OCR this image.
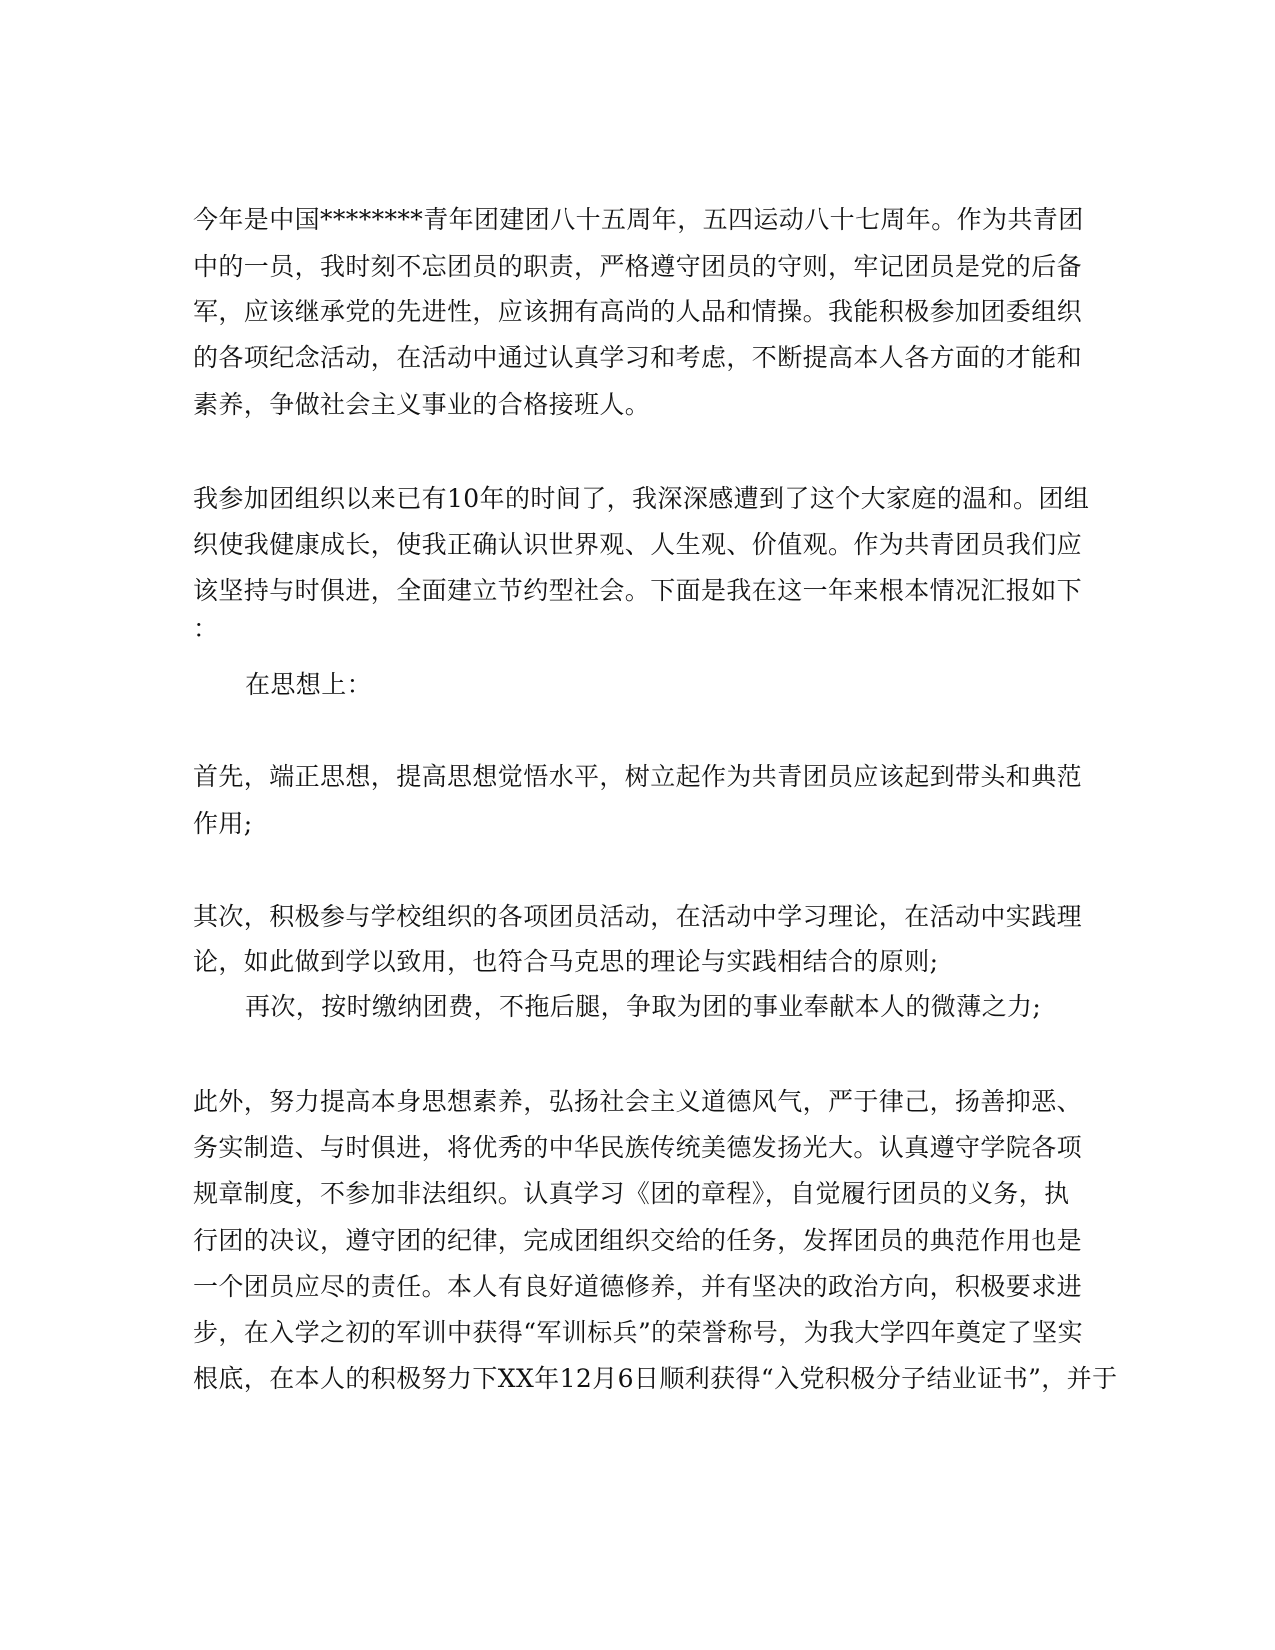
今年是中国********青年团建团八十五周年，五四运动八十七周年。作为共青团

中的一员，我时刻不忘团员的职责，严格遵守团员的守则，牢记团员是党的后备

军，应该继承党的先进性，应该拥有高尚的人品和情操。我能积极参加团委组织

的各项纪念活动，在活动中通过认真学习和考虑，不断提高本人各方面的才能和

素养，争做社会主义事业的合格接班人。

我参加团组织以来已有10年的时间了，我深深感遭到了这个大家庭的温和。团组

织使我健康成长，使我正确认识世界观、人生观、价值观。作为共青团员我们应

该坚持与时俱进，全面建立节约型社会。下面是我在这一年来根本情况汇报如下

：

在思想上：

首先，端正思想，提高思想觉悟水平，树立起作为共青团员应该起到带头和典范

作用;

其次，积极参与学校组织的各项团员活动，在活动中学习理论，在活动中实践理

论，如此做到学以致用，也符合马克思的理论与实践相结合的原则;

再次，按时缴纳团费，不拖后腿，争取为团的事业奉献本人的微薄之力;

此外，努力提高本身思想素养，弘扬社会主义道德风气，严于律己，扬善抑恶、

务实制造、与时俱进，将优秀的中华民族传统美德发扬光大。认真遵守学院各项

规章制度，不参加非法组织。认真学习《团的章程》，自觉履行团员的义务，执

行团的决议，遵守团的纪律，完成团组织交给的任务，发挥团员的典范作用也是

一个团员应尽的责任。本人有良好道德修养，并有坚决的政治方向，积极要求进

步，在入学之初的军训中获得“军训标兵”的荣誉称号，为我大学四年奠定了坚实

根底，在本人的积极努力下XX年12月6日顺利获得“入党积极分子结业证书”，并于
